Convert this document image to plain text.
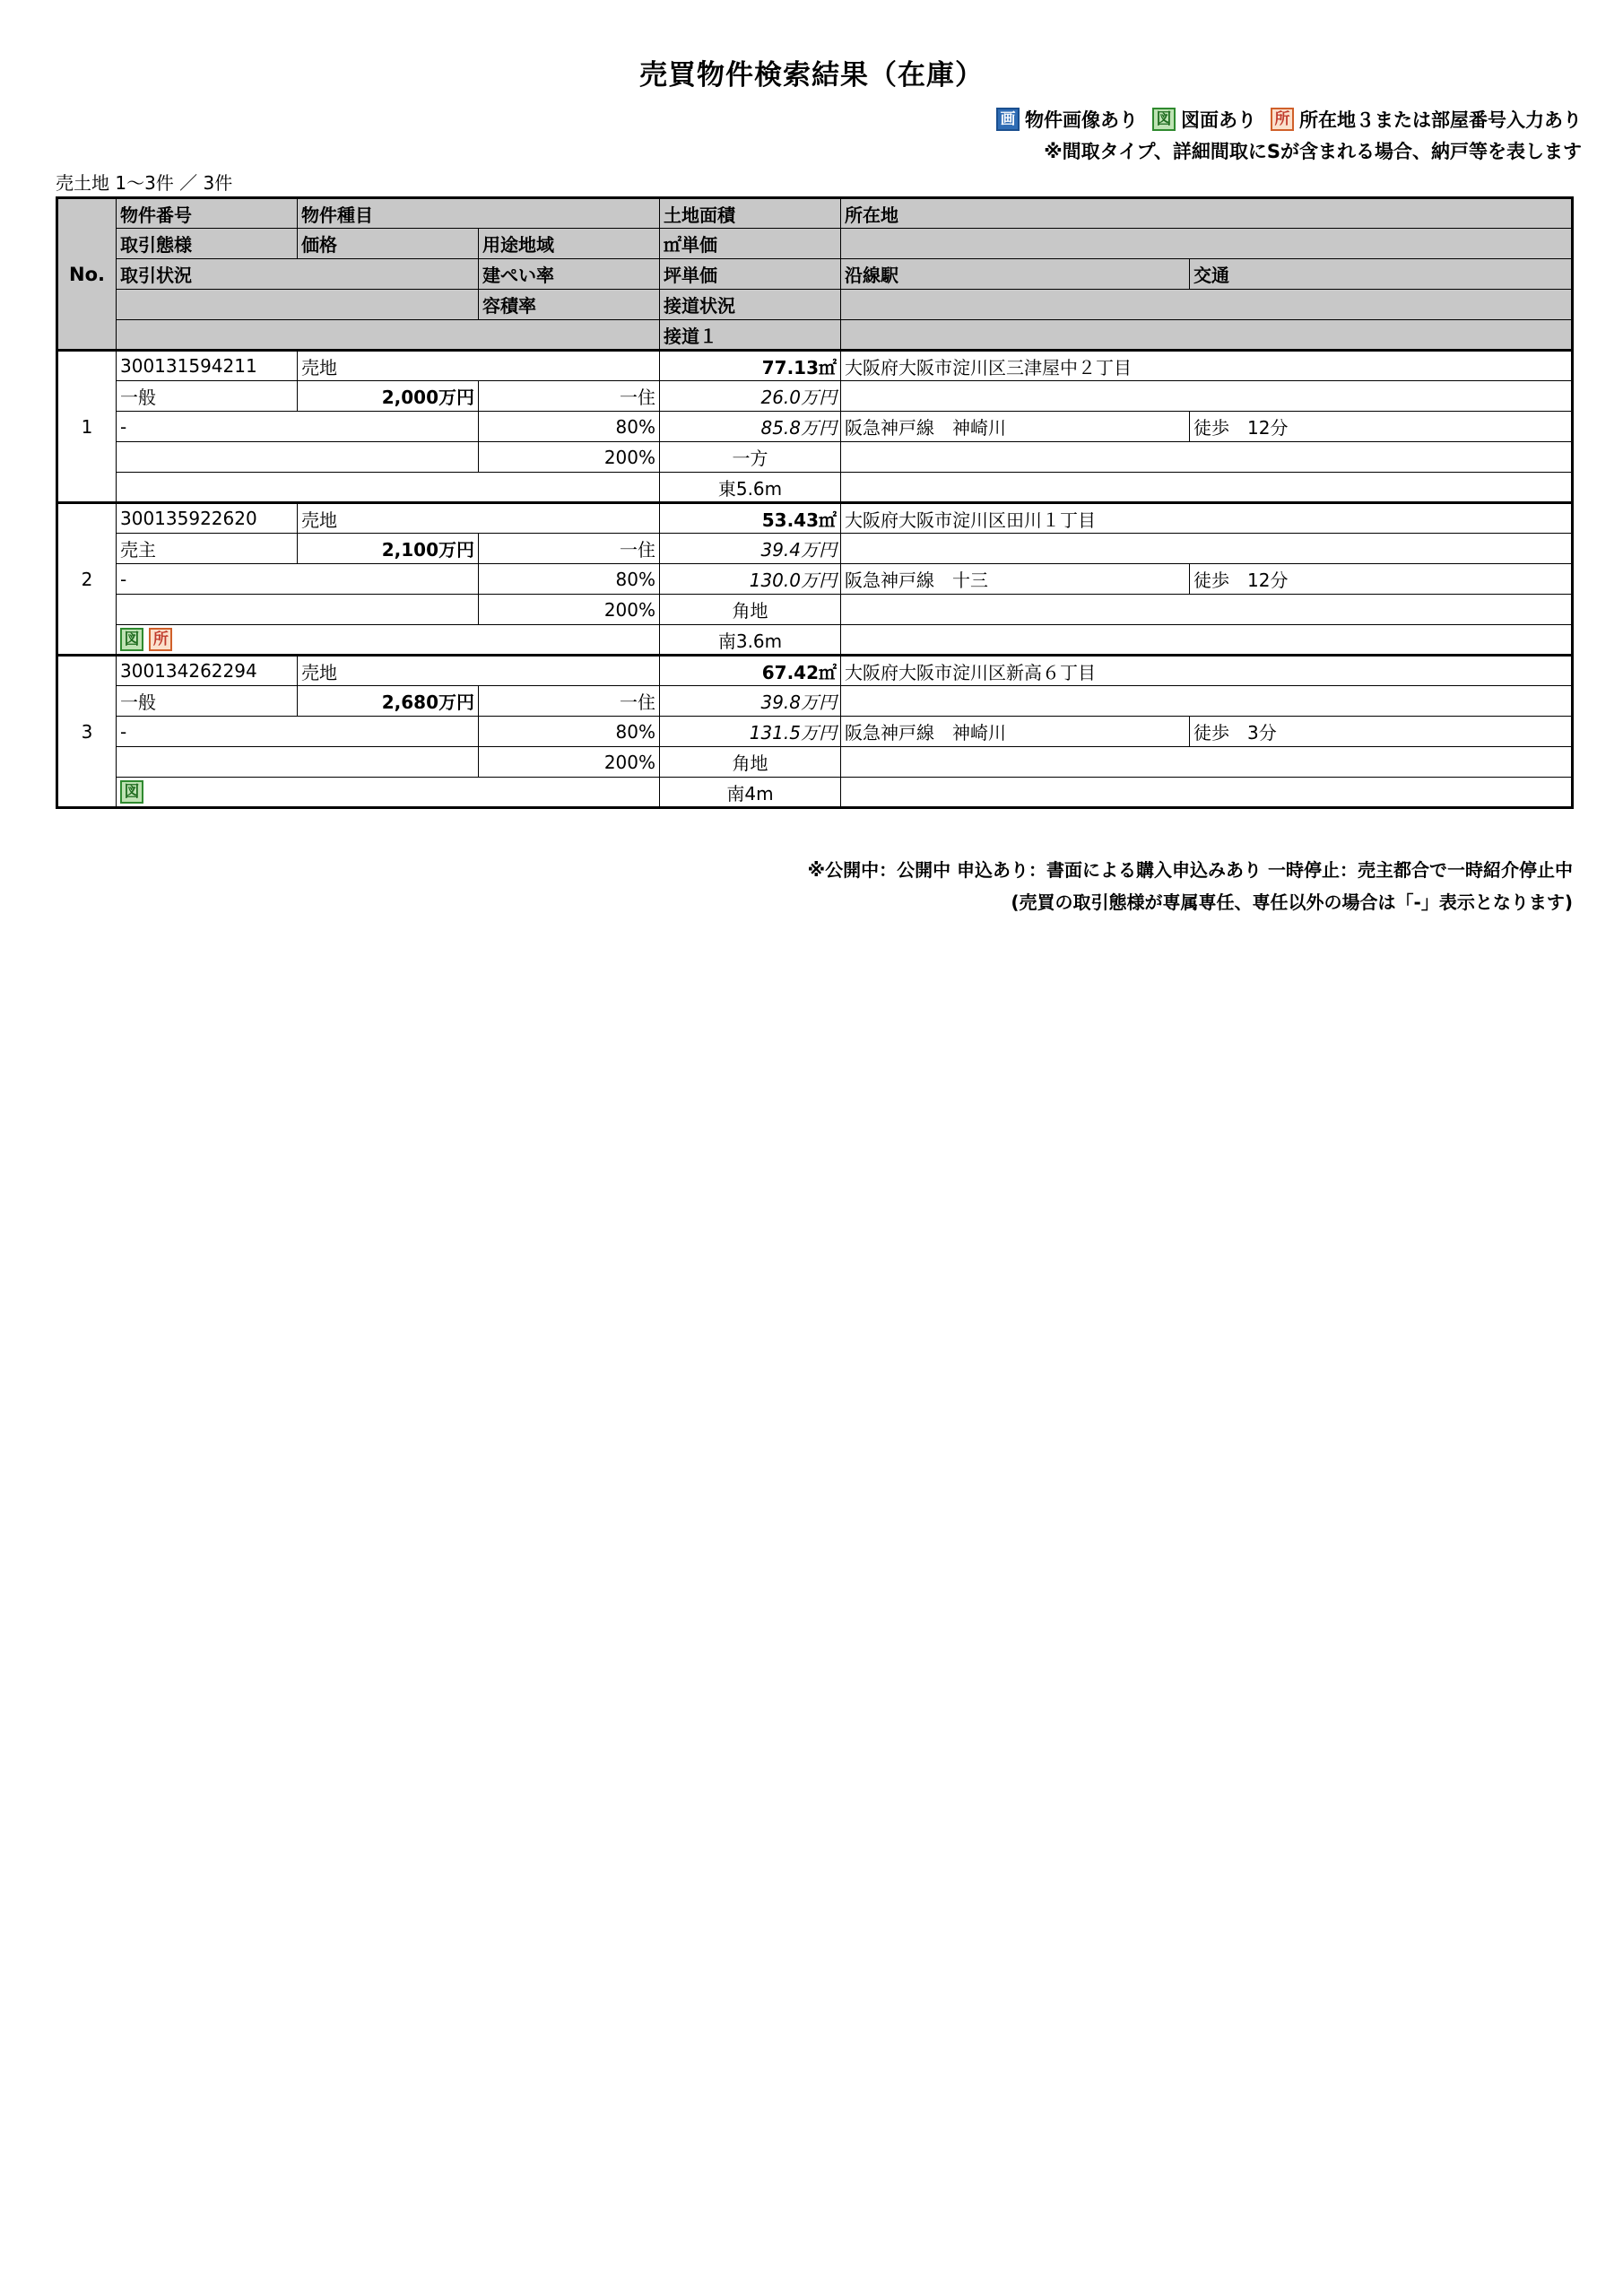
売買物件検索結果（在庫）
画 物件画像あり 図 図面あり 所 所在地３または部屋番号入力あり
※間取タイプ、詳細間取にSが含まれる場合、納戸等を表します
売土地 1〜3件 ／ 3件
No.	物件番号	物件種目		土地面積	所在地	
	取引態様	価格	用途地域	㎡単価		
	取引状況		建ぺい率	坪単価	沿線駅	交通
			容積率	接道状況		
				接道１		
1	300131594211	売地		77.13㎡	大阪府大阪市淀川区三津屋中２丁目	
	一般	2,000万円	一住	26.0万円		
	-		80%	85.8万円	阪急神戸線　神崎川	徒歩　12分
			200%	一方		
				東5.6m		
2	300135922620	売地		53.43㎡	大阪府大阪市淀川区田川１丁目	
	売主	2,100万円	一住	39.4万円		
	-		80%	130.0万円	阪急神戸線　十三	徒歩　12分
			200%	角地		
	図 所			南3.6m		
3	300134262294	売地		67.42㎡	大阪府大阪市淀川区新高６丁目	
	一般	2,680万円	一住	39.8万円		
	-		80%	131.5万円	阪急神戸線　神崎川	徒歩　3分
			200%	角地		
	図			南4m		
※公開中：公開中 申込あり：書面による購入申込みあり 一時停止：売主都合で一時紹介停止中
(売買の取引態様が専属専任、専任以外の場合は「-」表示となります)
